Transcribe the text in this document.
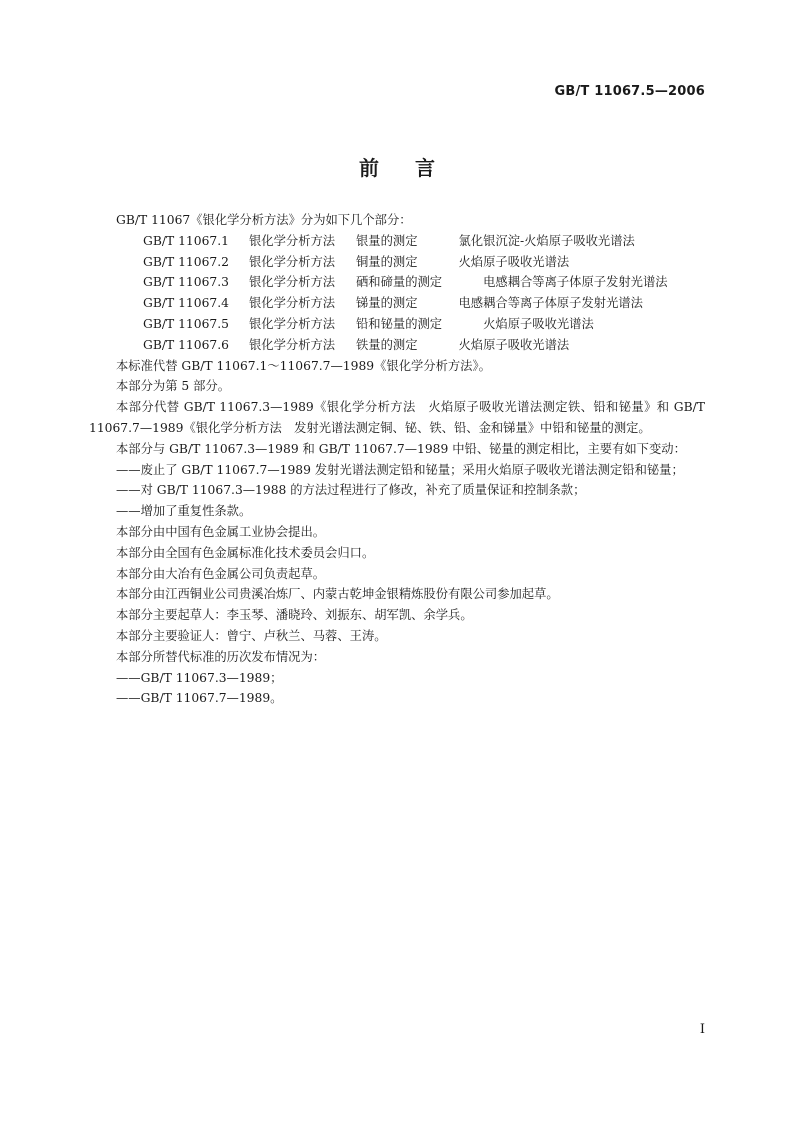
GB/T 11067.5—2006
前言
GB/T 11067《银化学分析方法》分为如下几个部分：
GB/T 11067.1 银化学分析方法 银量的测定	氯化银沉淀-火焰原子吸收光谱法
GB/T 11067.2 银化学分析方法 铜量的测定	火焰原子吸收光谱法
GB/T 11067.3 银化学分析方法 硒和碲量的测定	电感耦合等离子体原子发射光谱法
GB/T 11067.4 银化学分析方法 锑量的测定	电感耦合等离子体原子发射光谱法
GB/T 11067.5 银化学分析方法 铅和铋量的测定	火焰原子吸收光谱法
GB/T 11067.6 银化学分析方法 铁量的测定	火焰原子吸收光谱法
本标准代替 GB/T 11067.1～11067.7—1989《银化学分析方法》。
本部分为第 5 部分。
本部分代替 GB/T 11067.3—1989《银化学分析方法　火焰原子吸收光谱法测定铁、铅和铋量》和 GB/T 11067.7—1989《银化学分析方法　发射光谱法测定铜、铋、铁、铅、金和锑量》中铅和铋量的测定。
本部分与 GB/T 11067.3—1989 和 GB/T 11067.7—1989 中铅、铋量的测定相比，主要有如下变动：
——废止了 GB/T 11067.7—1989 发射光谱法测定铅和铋量；采用火焰原子吸收光谱法测定铅和铋量；
——对 GB/T 11067.3—1988 的方法过程进行了修改，补充了质量保证和控制条款；
——增加了重复性条款。
本部分由中国有色金属工业协会提出。
本部分由全国有色金属标准化技术委员会归口。
本部分由大冶有色金属公司负责起草。
本部分由江西铜业公司贵溪冶炼厂、内蒙古乾坤金银精炼股份有限公司参加起草。
本部分主要起草人：李玉琴、潘晓玲、刘振东、胡军凯、余学兵。
本部分主要验证人：曾宁、卢秋兰、马蓉、王涛。
本部分所替代标准的历次发布情况为：
——GB/T 11067.3—1989；
——GB/T 11067.7—1989。
I
